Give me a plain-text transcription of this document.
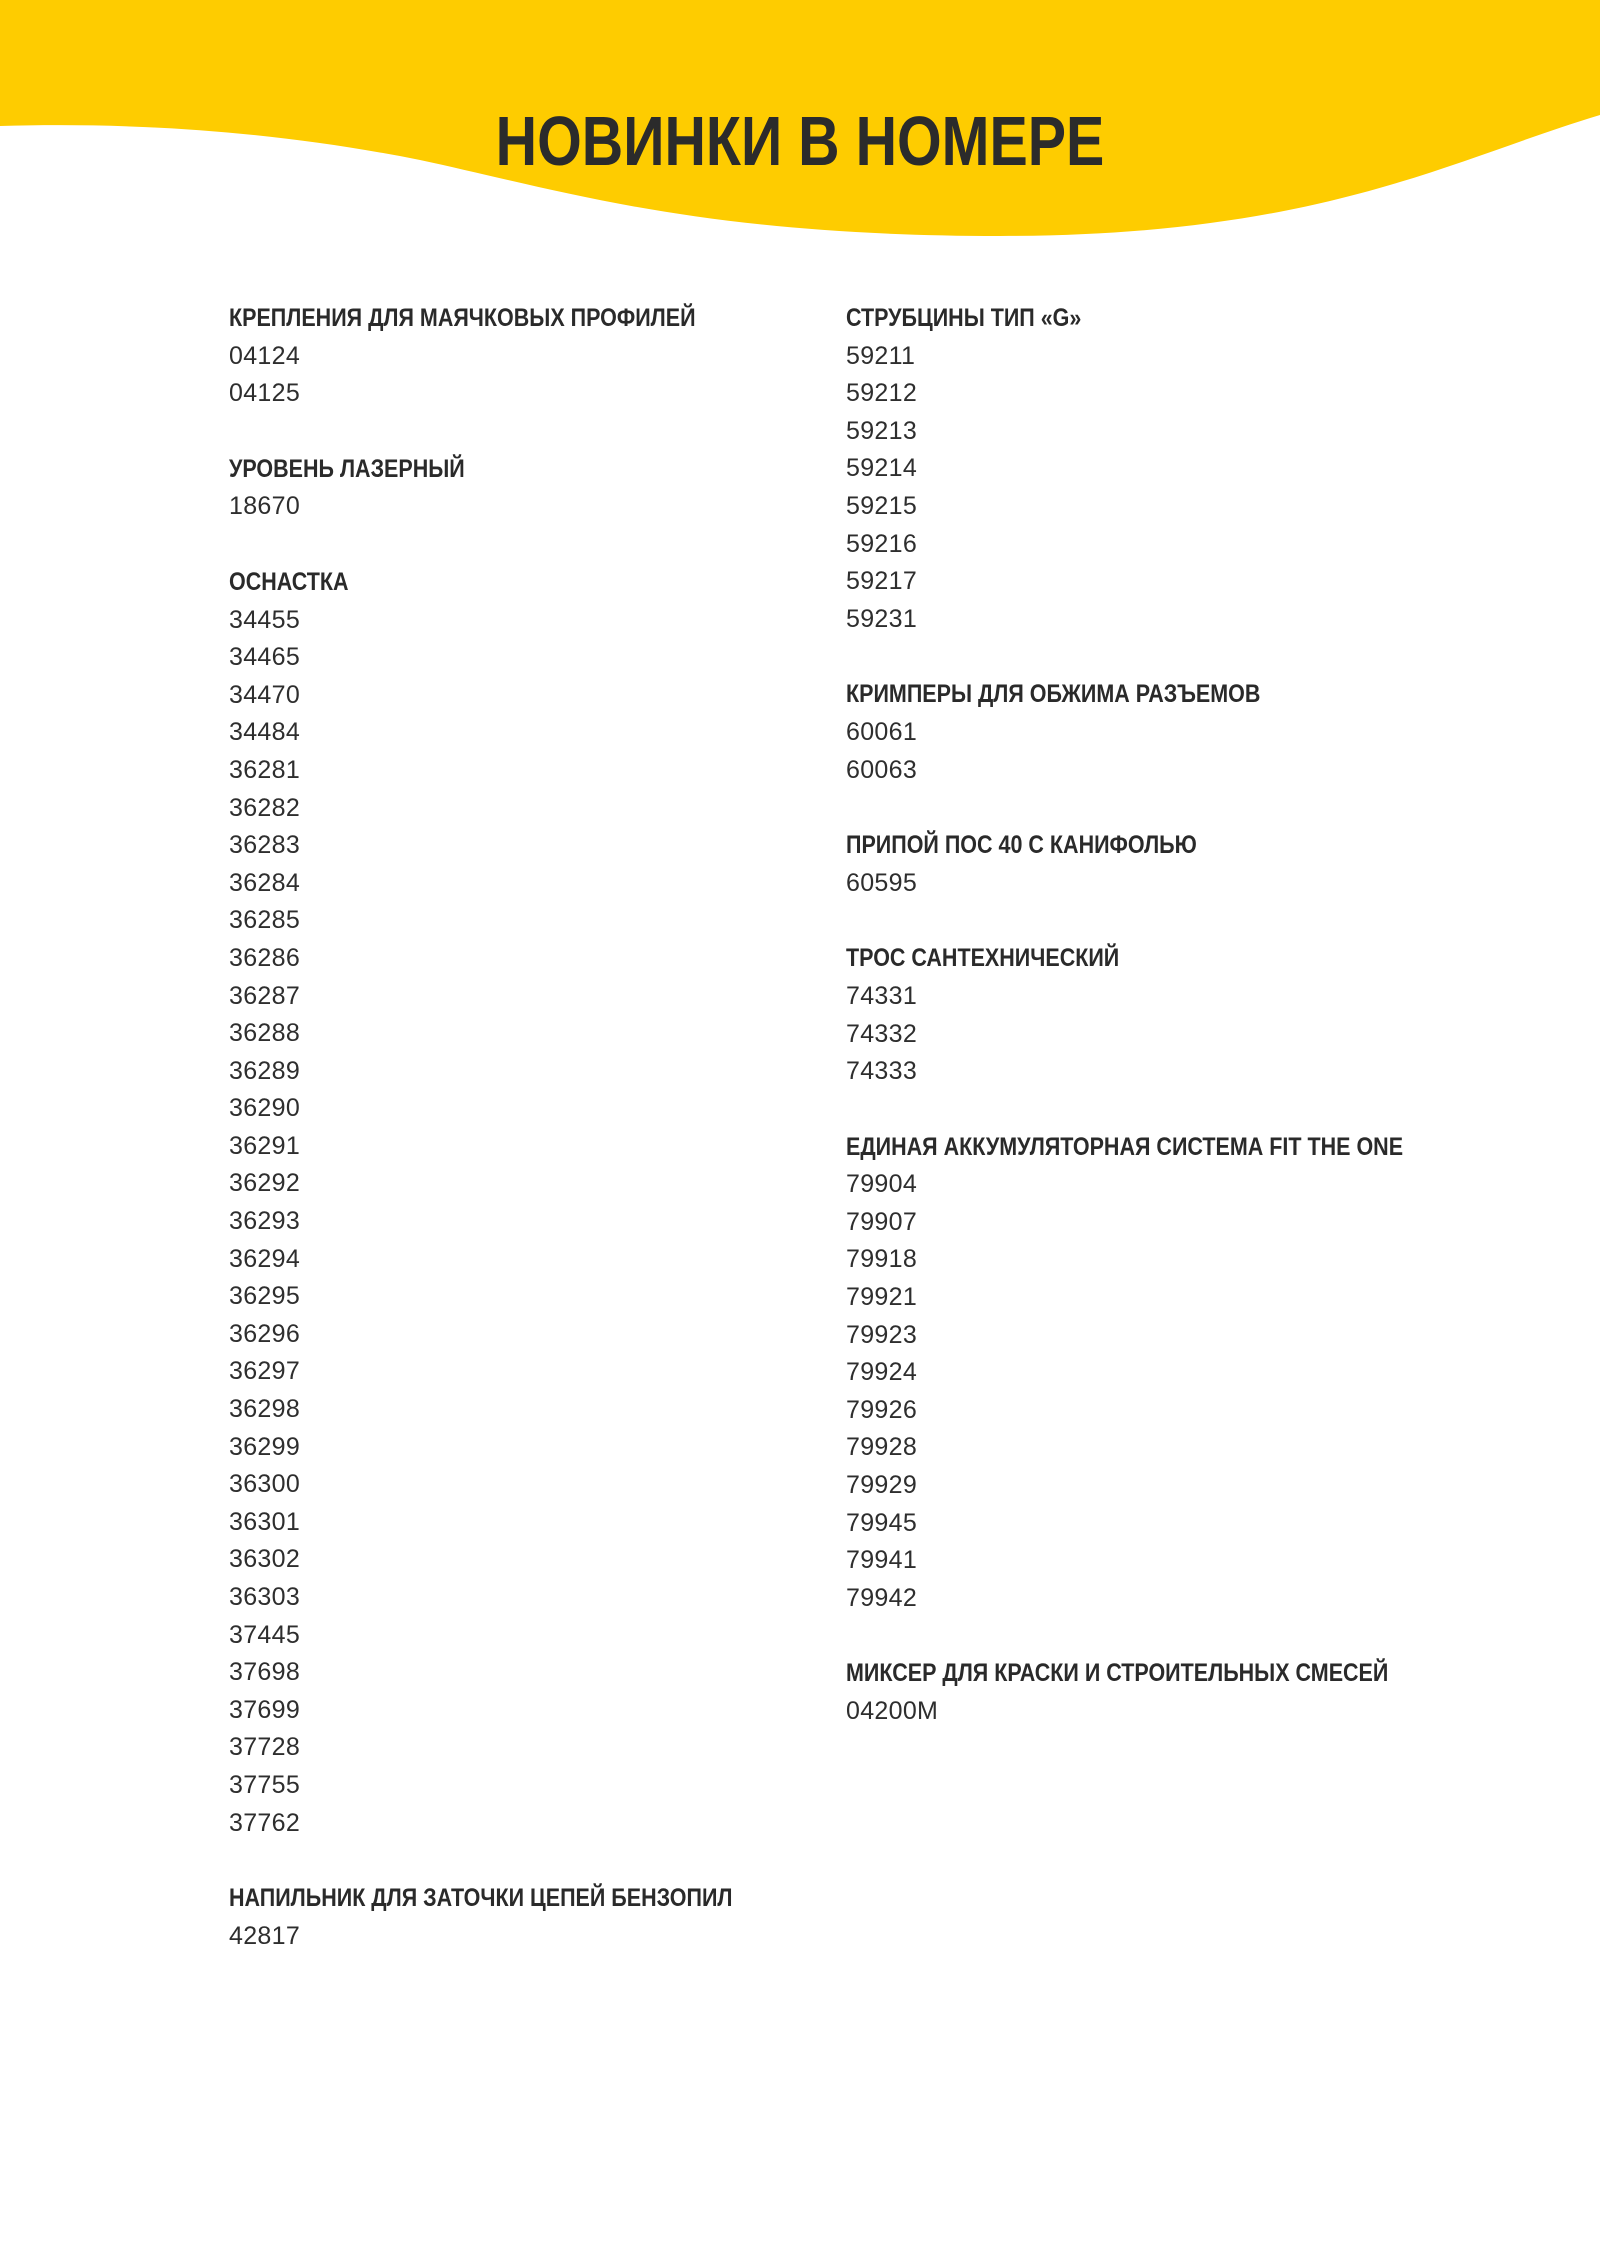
НОВИНКИ В НОМЕРЕ
КРЕПЛЕНИЯ ДЛЯ МАЯЧКОВЫХ ПРОФИЛЕЙ
04124
04125
УРОВЕНЬ ЛАЗЕРНЫЙ
18670
ОСНАСТКА
34455
34465
34470
34484
36281
36282
36283
36284
36285
36286
36287
36288
36289
36290
36291
36292
36293
36294
36295
36296
36297
36298
36299
36300
36301
36302
36303
37445
37698
37699
37728
37755
37762
НАПИЛЬНИК ДЛЯ ЗАТОЧКИ ЦЕПЕЙ БЕНЗОПИЛ
42817
СТРУБЦИНЫ ТИП «G»
59211
59212
59213
59214
59215
59216
59217
59231
КРИМПЕРЫ ДЛЯ ОБЖИМА РАЗЪЕМОВ
60061
60063
ПРИПОЙ ПОС 40 С КАНИФОЛЬЮ
60595
ТРОС САНТЕХНИЧЕСКИЙ
74331
74332
74333
ЕДИНАЯ АККУМУЛЯТОРНАЯ СИСТЕМА FIT THE ONE
79904
79907
79918
79921
79923
79924
79926
79928
79929
79945
79941
79942
МИКСЕР ДЛЯ КРАСКИ И СТРОИТЕЛЬНЫХ СМЕСЕЙ
04200M
